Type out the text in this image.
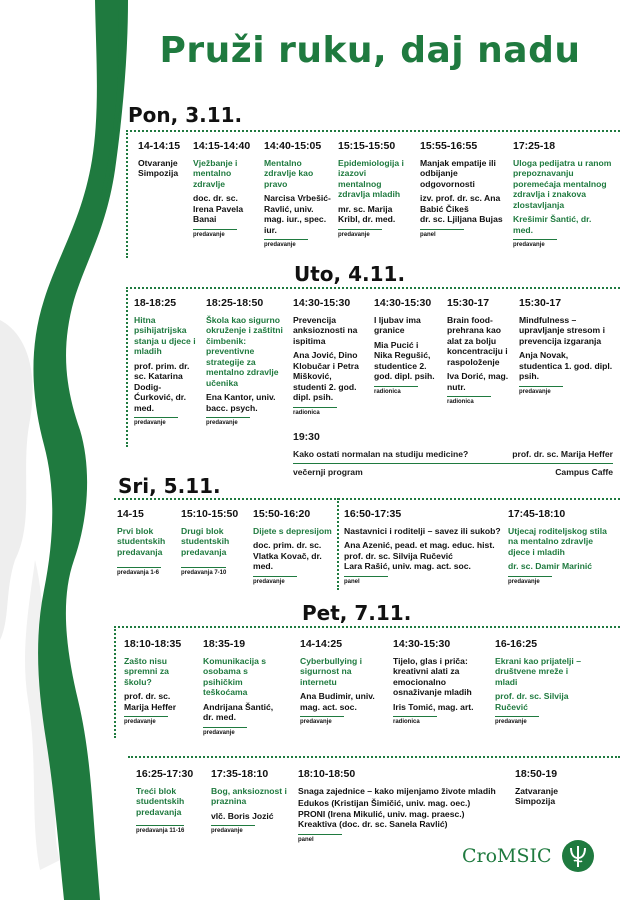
Pruži ruku, daj nadu
Pon, 3.11.
14-14:15
Otvaranje Simpozija
14:15-14:40
Vježbanje i mentalno zdravlje
doc. dr. sc. Irena Pavela Banai
predavanje
14:40-15:05
Mentalno zdravlje kao pravo
Narcisa Vrbešić-Ravlić, univ. mag. iur., spec. iur.
predavanje
15:15-15:50
Epidemiologija i izazovi mentalnog zdravlja mladih
mr. sc. Marija Kribl, dr. med.
predavanje
15:55-16:55
Manjak empatije ili odbijanje odgovornosti
izv. prof. dr. sc. Ana Babić Čikeš
dr. sc. Ljiljana Bujas
panel
17:25-18
Uloga pedijatra u ranom prepoznavanju poremećaja mentalnog zdravlja i znakova zlostavljanja
Krešimir Šantić, dr. med.
predavanje
Uto, 4.11.
18-18:25
Hitna psihijatrijska stanja u djece i mladih
prof. prim. dr. sc. Katarina Dodig-Ćurković, dr. med.
predavanje
18:25-18:50
Škola kao sigurno okruženje i zaštitni čimbenik: preventivne strategije za mentalno zdravlje učenika
Ena Kantor, univ. bacc. psych.
predavanje
14:30-15:30
Prevencija anksioznosti na ispitima
Ana Jović, Dino Klobučar i Petra Mišković, studenti 2. god. dipl. psih.
radionica
14:30-15:30
I ljubav ima granice
Mia Pucić i Nika Regušić, studentice 2. god. dipl. psih.
radionica
15:30-17
Brain food-prehrana kao alat za bolju koncentraciju i raspoloženje
Iva Dorić, mag. nutr.
radionica
15:30-17
Mindfulness – upravljanje stresom i prevencija izgaranja
Anja Novak, studentica 1. god. dipl. psih.
predavanje
19:30
Kako ostati normalan na studiju medicine?	prof. dr. sc. Marija Heffer
večernji program	Campus Caffe
Sri, 5.11.
14-15
Prvi blok studentskih predavanja
predavanja 1-6
15:10-15:50
Drugi blok studentskih predavanja
predavanja 7-10
15:50-16:20
Dijete s depresijom
doc. prim. dr. sc. Vlatka Kovač, dr. med.
predavanje
16:50-17:35
Nastavnici i roditelji – savez ili sukob?
Ana Azenić, pead. et mag. educ. hist.
prof. dr. sc. Silvija Ručević
Lara Rašić, univ. mag. act. soc.
panel
17:45-18:10
Utjecaj roditeljskog stila na mentalno zdravlje djece i mladih
dr. sc. Damir Marinić
predavanje
Pet, 7.11.
18:10-18:35
Zašto nisu spremni za školu?
prof. dr. sc. Marija Heffer
predavanje
18:35-19
Komunikacija s osobama s psihičkim teškoćama
Andrijana Šantić, dr. med.
predavanje
14-14:25
Cyberbullying i sigurnost na internetu
Ana Budimir, univ. mag. act. soc.
predavanje
14:30-15:30
Tijelo, glas i priča: kreativni alati za emocionalno osnaživanje mladih
Iris Tomić, mag. art.
radionica
16-16:25
Ekrani kao prijatelji – društvene mreže i mladi
prof. dr. sc. Silvija Ručević
predavanje
16:25-17:30
Treći blok studentskih predavanja
predavanja 11-16
17:35-18:10
Bog, anksioznost i praznina
vlč. Boris Jozić
predavanje
18:10-18:50
Snaga zajednice – kako mijenjamo živote mladih
Edukos (Kristijan Šimičić, univ. mag. oec.)
PRONI (Irena Mikulić, univ. mag. praesc.)
Kreaktiva (doc. dr. sc. Sanela Ravlić)
panel
18:50-19
Zatvaranje Simpozija
CroMSIC
